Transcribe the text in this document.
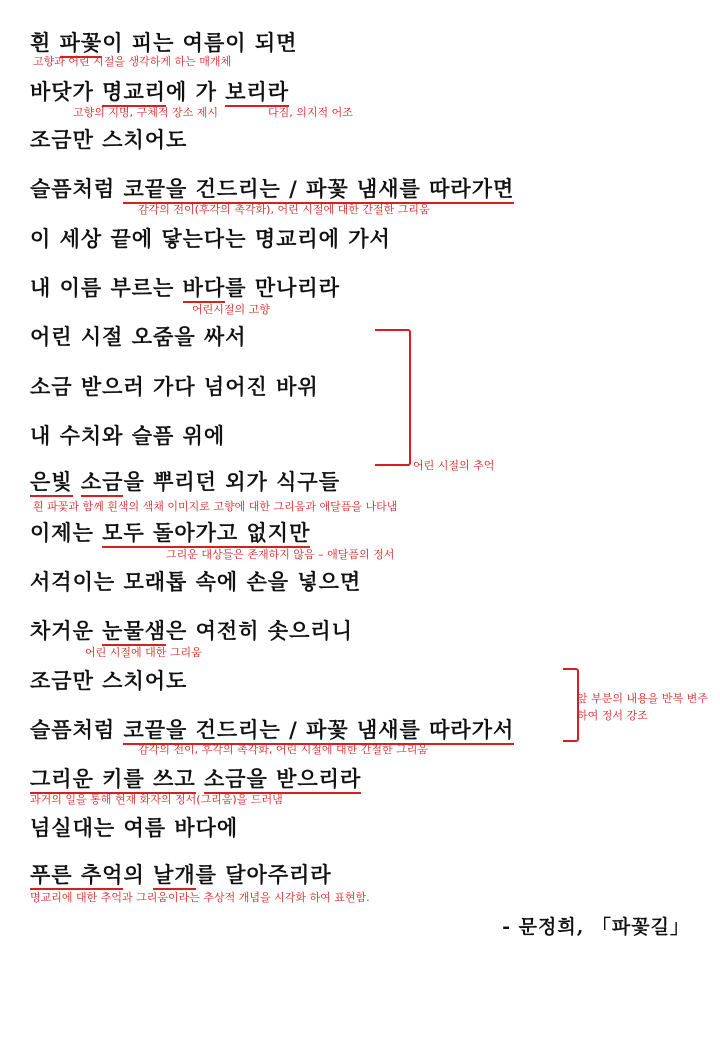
흰 파꽃이 피는 여름이 되면
바닷가 명교리에 가 보리라
조금만 스치어도
슬픔처럼 코끝을 건드리는 / 파꽃 냄새를 따라가면
이 세상 끝에 닿는다는 명교리에 가서
내 이름 부르는 바다를 만나리라
어린 시절 오줌을 싸서
소금 받으러 가다 넘어진 바위
내 수치와 슬픔 위에
은빛 소금을 뿌리던 외가 식구들
이제는 모두 돌아가고 없지만
서걱이는 모래톱 속에 손을 넣으면
차거운 눈물샘은 여전히 솟으리니
조금만 스치어도
슬픔처럼 코끝을 건드리는 / 파꽃 냄새를 따라가서
그리운 키를 쓰고 소금을 받으리라
넘실대는 여름 바다에
푸른 추억의 날개를 달아주리라
고향과 어린 시절을 생각하게 하는 매개체
고향의 지명, 구체적 장소 제시	다짐, 의지적 어조
감각의 전이(후각의 촉각화), 어린 시절에 대한 간절한 그리움
어린시절의 고향
어린 시절의 추억
흰 파꽃과 함께 흰색의 색채 이미지로 고향에 대한 그리움과 애달픔을 나타냄
그리운 대상들은 존재하지 않음 – 애달픔의 정서
어린 시절에 대한 그리움
앞 부분의 내용을 반복 변주하여 정서 강조
감각의 전이, 후각의 촉각화, 어린 시절에 대한 간절한 그리움
과거의 일을 통해 현재 화자의 정서(그리움)을 드러냄
명교리에 대한 추억과 그리움이라는 추상적 개념을 시각화 하여 표현함.
- 문정희, 「파꽃길」
